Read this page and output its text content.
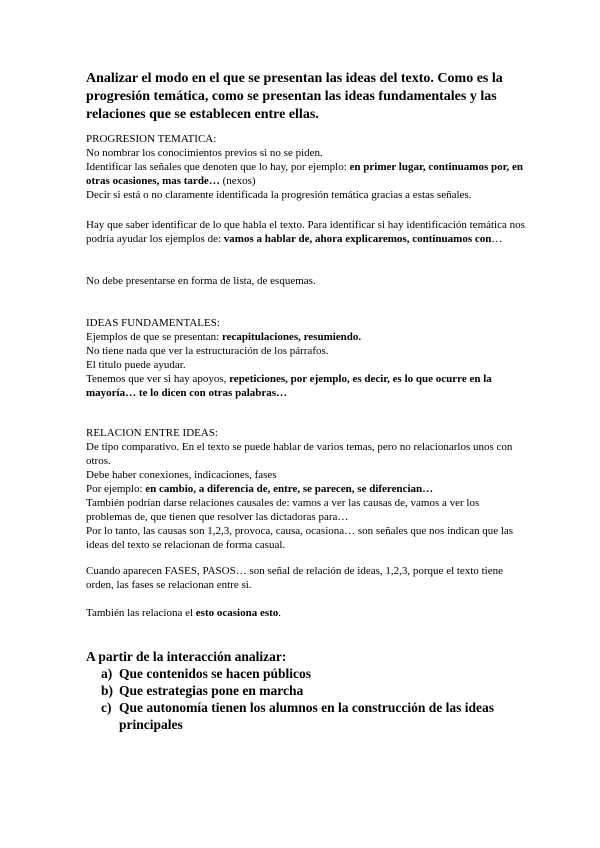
Analizar el modo en el que se presentan las ideas del texto. Como es la progresión temática, como se presentan las ideas fundamentales y las relaciones que se establecen entre ellas.

PROGRESION TEMATICA:

No nombrar los conocimientos previos si no se piden.

Identificar las señales que denoten que lo hay, por ejemplo: en primer lugar, continuamos por, en otras ocasiones, mas tarde… (nexos)

Decir si está o no claramente identificada la progresión temática gracias a estas señales.

Hay que saber identificar de lo que habla el texto. Para identificar si hay identificación temática nos podría ayudar los ejemplos de: vamos a hablar de, ahora explicaremos, continuamos con…

No debe presentarse en forma de lista, de esquemas.

IDEAS FUNDAMENTALES:

Ejemplos de que se presentan: recapitulaciones, resumiendo.

No tiene nada que ver la estructuración de los párrafos.

El titulo puede ayudar.

Tenemos que ver si hay apoyos, repeticiones, por ejemplo, es decir, es lo que ocurre en la mayoría… te lo dicen con otras palabras…

RELACION ENTRE IDEAS:

De tipo comparativo. En el texto se puede hablar de varios temas, pero no relacionarlos unos con otros.

Debe haber conexiones, indicaciones, fases

Por ejemplo: en cambio, a diferencia de, entre, se parecen, se diferencian…

También podrían darse relaciones causales de: vamos a ver las causas de, vamos a ver los problemas de, que tienen que resolver las dictadoras para…

Por lo tanto, las causas son 1,2,3, provoca, causa, ocasiona… son señales que nos indican que las ideas del texto se relacionan de forma casual.

Cuando aparecen FASES, PASOS… son señal de relación de ideas, 1,2,3, porque el texto tiene orden, las fases se relacionan entre si.

También las relaciona el esto ocasiona esto.

A partir de la interacción analizar:

a) Que contenidos se hacen públicos
b) Que estrategias pone en marcha
c) Que autonomía tienen los alumnos en la construcción de las ideas principales
